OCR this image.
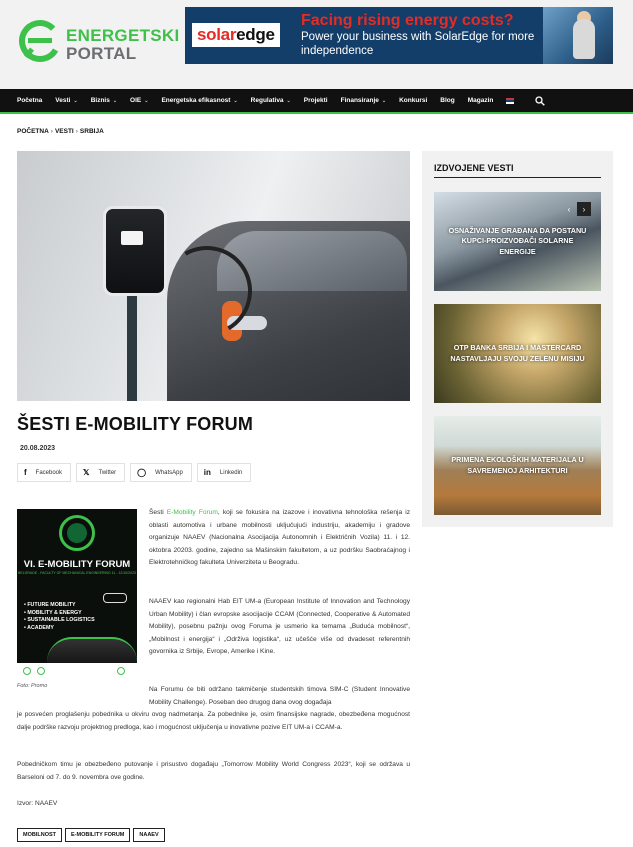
ENERGETSKI
PORTAL
solar edge
Facing rising energy costs?
Power your business with SolarEdge for more independence
Početna Vesti ⌄ Biznis ⌄ OIE ⌄ Energetska efikasnost ⌄ Regulativa ⌄ Projekti Finansiranje ⌄ Konkursi Blog Magazin
POČETNA › VESTI › SRBIJA
ŠESTI E-MOBILITY FORUM
20.08.2023
f Facebook	𝕏 Twitter	◯ WhatsApp	in Linkedin
VI. E-MOBILITY FORUM
BELGRADE - FACULTY OF MECHANICAL ENGINEERING 11 - 12/10/2023
• FUTURE MOBILITY
• MOBILITY & ENERGY
• SUSTAINABLE LOGISTICS
• ACADEMY
Foto: Promo
Šesti E-Mobility Forum, koji se fokusira na izazove i inovativna tehnološka rešenja iz oblasti automotiva i urbane mobilnosti uključujući industriju, akademiju i gradove organizuje NAAEV (Nacionalna Asocijacija Autonomnih i Električnih Vozila) 11. i 12. oktobra 20203. godine, zajedno sa Mašinskim fakultetom, a uz podršku Saobraćajnog i Elektrotehničkog fakulteta Univerziteta u Beogradu.
NAAEV kao regionalni Hab EIT UM-a (European Institute of Innovation and Technology Urban Mobility) i član evropske asocijacije CCAM (Connected, Cooperative & Automated Mobility), posebnu pažnju ovog Foruma je usmerio ka temama „Buduća mobilnost“, „Mobilnost i energija“ i „Održiva logistika“, uz učešće više od dvadeset referentnih govornika iz Srbije, Evrope, Amerike i Kine.
Na Forumu će biti održano takmičenje studentskih timova SIM-C (Student Innovative Mobility Challenge). Poseban deo drugog dana ovog događaja
je posvećen proglašenju pobednika u okviru ovog nadmetanja. Za pobednike je, osim finansijske nagrade, obezbeđena mogućnost dalje podrške razvoju projektnog predloga, kao i mogućnost uključenja u inovativne pozive EIT UM-a i CCAM-a.
Pobedničkom timu je obezbeđeno putovanje i prisustvo događaju „Tomorrow Mobility World Congress 2023“, koji se održava u Barseloni od 7. do 9. novembra ove godine.
Izvor: NAAEV
MOBILNOST	E-MOBILITY FORUM	NAAEV
IZDVOJENE VESTI
‹	›
OSNAŽIVANJE GRAĐANA DA POSTANU KUPCI-PROIZVOĐAČI SOLARNE ENERGIJE
OTP BANKA SRBIJA I MASTERCARD NASTAVLJAJU SVOJU ZELENU MISIJU
PRIMENA EKOLOŠKIH MATERIJALA U SAVREMENOJ ARHITEKTURI
